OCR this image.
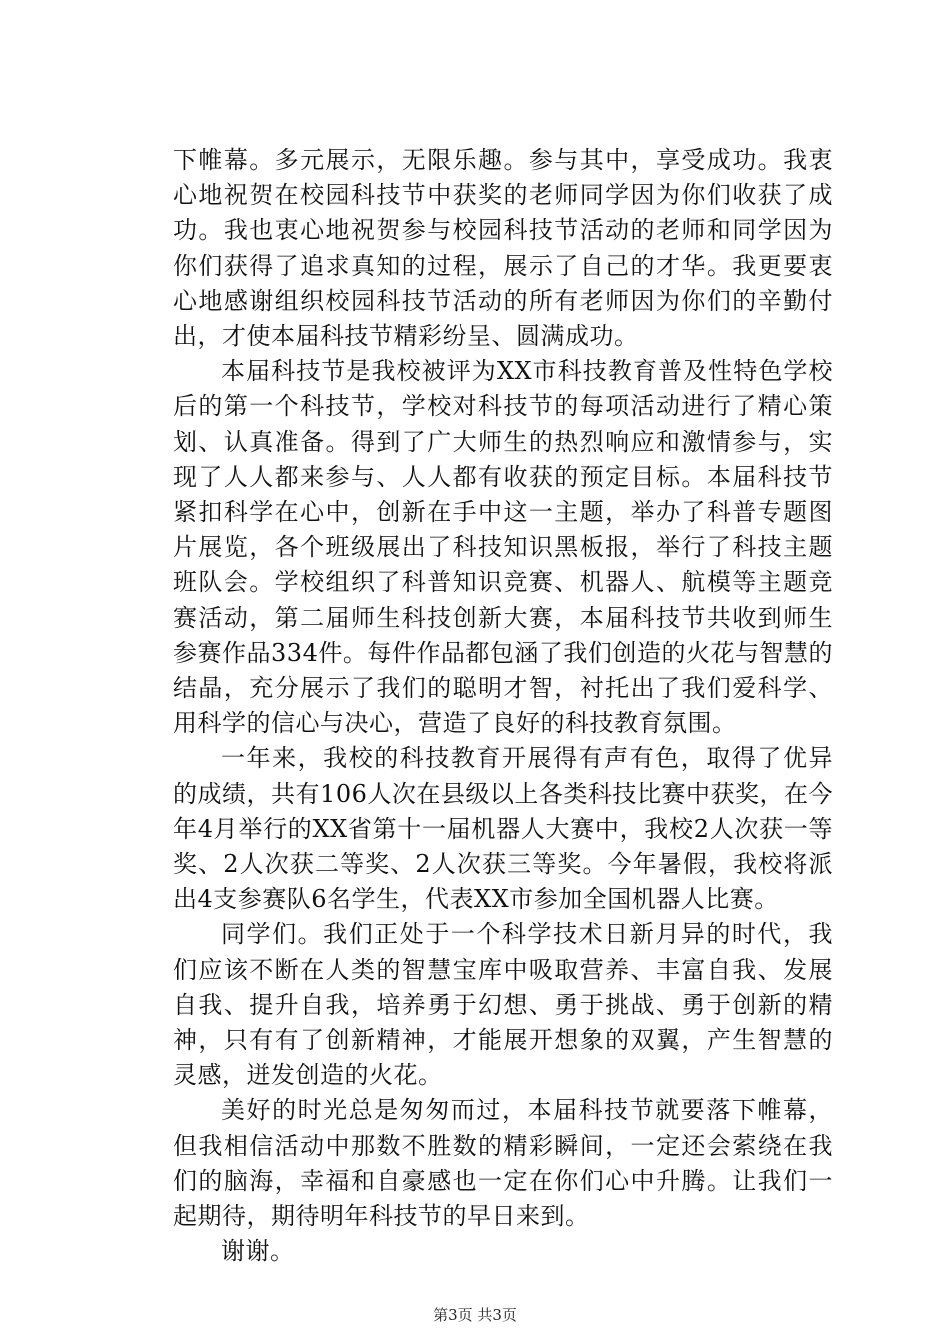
下帷幕。多元展示，无限乐趣。参与其中，享受成功。我衷心地祝贺在校园科技节中获奖的老师同学因为你们收获了成功。我也衷心地祝贺参与校园科技节活动的老师和同学因为你们获得了追求真知的过程，展示了自己的才华。我更要衷心地感谢组织校园科技节活动的所有老师因为你们的辛勤付出，才使本届科技节精彩纷呈、圆满成功。

本届科技节是我校被评为XX市科技教育普及性特色学校后的第一个科技节，学校对科技节的每项活动进行了精心策划、认真准备。得到了广大师生的热烈响应和激情参与，实现了人人都来参与、人人都有收获的预定目标。本届科技节紧扣科学在心中，创新在手中这一主题，举办了科普专题图片展览，各个班级展出了科技知识黑板报，举行了科技主题班队会。学校组织了科普知识竞赛、机器人、航模等主题竞赛活动，第二届师生科技创新大赛，本届科技节共收到师生参赛作品334件。每件作品都包涵了我们创造的火花与智慧的结晶，充分展示了我们的聪明才智，衬托出了我们爱科学、用科学的信心与决心，营造了良好的科技教育氛围。

一年来，我校的科技教育开展得有声有色，取得了优异的成绩，共有106人次在县级以上各类科技比赛中获奖，在今年4月举行的XX省第十一届机器人大赛中，我校2人次获一等奖、2人次获二等奖、2人次获三等奖。今年暑假，我校将派出4支参赛队6名学生，代表XX市参加全国机器人比赛。

同学们。我们正处于一个科学技术日新月异的时代，我们应该不断在人类的智慧宝库中吸取营养、丰富自我、发展自我、提升自我，培养勇于幻想、勇于挑战、勇于创新的精神，只有有了创新精神，才能展开想象的双翼，产生智慧的灵感，迸发创造的火花。

美好的时光总是匆匆而过，本届科技节就要落下帷幕，但我相信活动中那数不胜数的精彩瞬间，一定还会萦绕在我们的脑海，幸福和自豪感也一定在你们心中升腾。让我们一起期待，期待明年科技节的早日来到。

谢谢。

第3页 共3页
